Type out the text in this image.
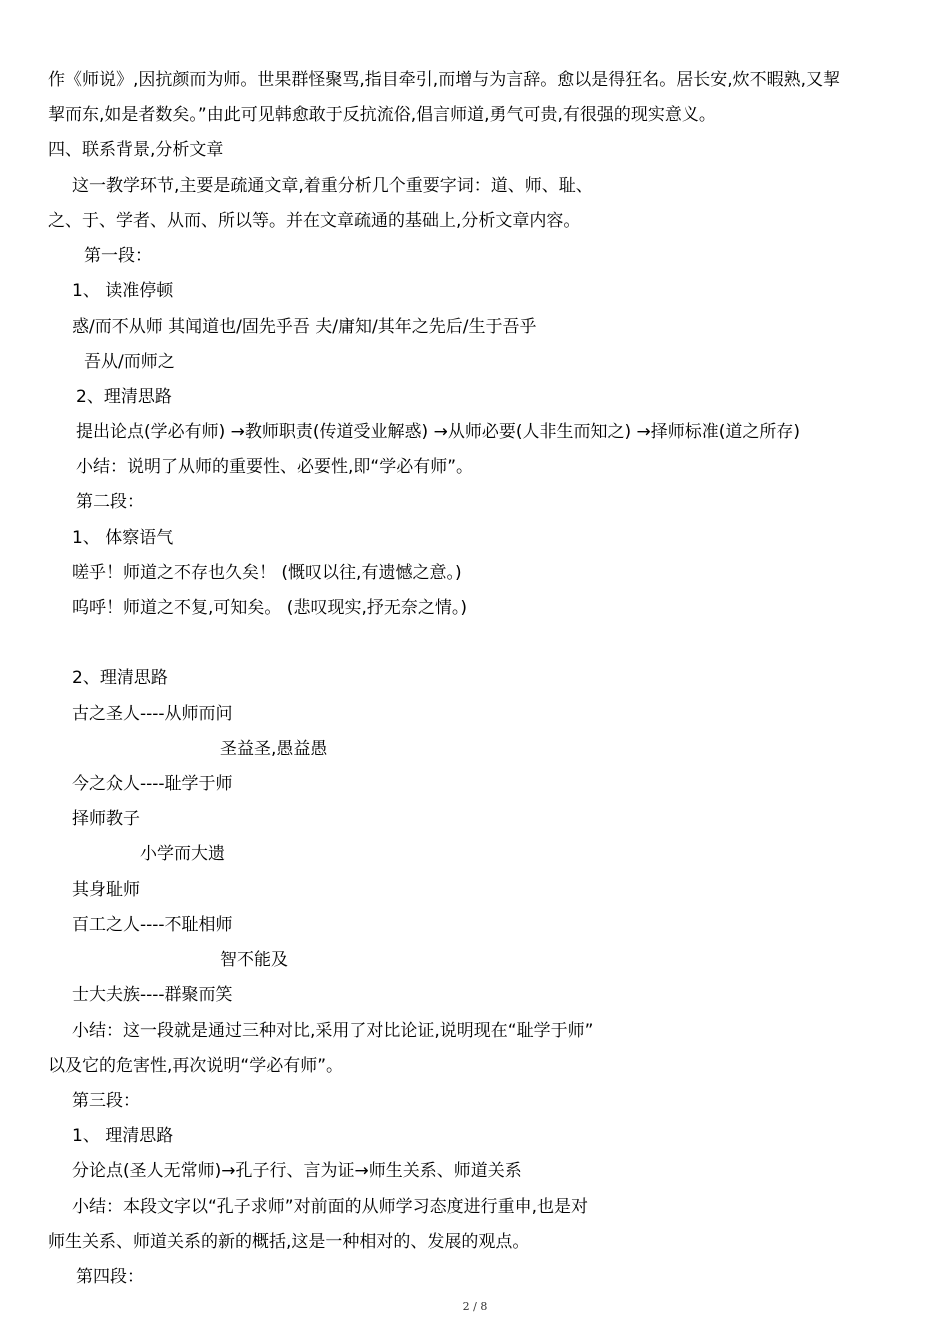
作《师说》,因抗颜而为师。世果群怪聚骂,指目牵引,而增与为言辞。愈以是得狂名。居长安,炊不暇熟,又挈
挈而东,如是者数矣。”由此可见韩愈敢于反抗流俗,倡言师道,勇气可贵,有很强的现实意义。
四、联系背景,分析文章
这一教学环节,主要是疏通文章,着重分析几个重要字词：道、师、耻、
之、于、学者、从而、所以等。并在文章疏通的基础上,分析文章内容。
第一段：
1、 读准停顿
惑/而不从师 其闻道也/固先乎吾 夫/庸知/其年之先后/生于吾乎
吾从/而师之
2、理清思路
提出论点(学必有师) →教师职责(传道受业解惑) →从师必要(人非生而知之) →择师标准(道之所存)
小结：说明了从师的重要性、必要性,即“学必有师”。
第二段：
1、 体察语气
嗟乎！师道之不存也久矣！ (慨叹以往,有遗憾之意。)
呜呼！师道之不复,可知矣。 (悲叹现实,抒无奈之情。)
2、理清思路
古之圣人----从师而问
圣益圣,愚益愚
今之众人----耻学于师
择师教子
小学而大遗
其身耻师
百工之人----不耻相师
智不能及
士大夫族----群聚而笑
小结：这一段就是通过三种对比,采用了对比论证,说明现在“耻学于师”
以及它的危害性,再次说明“学必有师”。
第三段：
1、 理清思路
分论点(圣人无常师)→孔子行、言为证→师生关系、师道关系
小结：本段文字以“孔子求师”对前面的从师学习态度进行重申,也是对
师生关系、师道关系的新的概括,这是一种相对的、发展的观点。
第四段：
2 / 8
